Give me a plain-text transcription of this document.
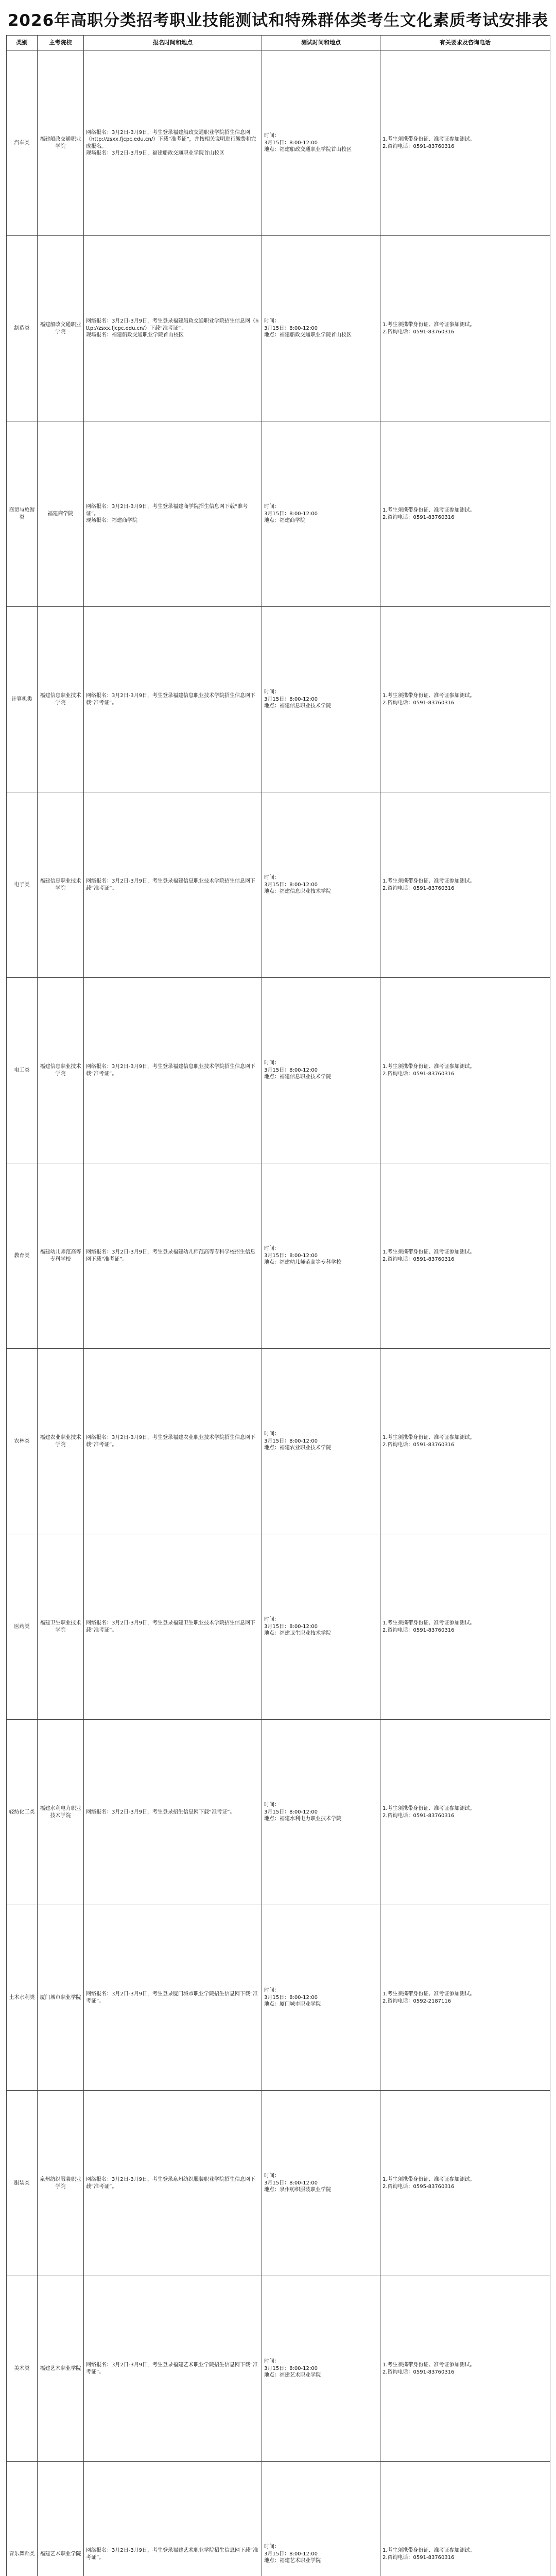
2026年高职分类招考职业技能测试和特殊群体类考生文化素质考试安排表
类别	主考院校	报名时间和地点	测试时间和地点	有关要求及咨询电话
汽车类	福建船政交通职业学院	网络报名：3月2日-3月9日，考生登录福建船政交通职业学院招生信息网
（http://zsxx.fjcpc.edu.cn/）下载“准考证”，并按相关说明进行缴费和完成报名。
现场报名：3月2日-3月9日，福建船政交通职业学院首山校区	时间：
3月15日：8:00-12:00
地点：福建船政交通职业学院首山校区	1.考生须携带身份证、准考证参加测试。
2.咨询电话：0591-83760316

制造类	福建船政交通职业学院	网络报名：3月2日-3月9日，考生登录福建船政交通职业学院招生信息网（http://zsxx.fjcpc.edu.cn/）下载“准考证”。
现场报名：福建船政交通职业学院首山校区	时间：
3月15日：8:00-12:00
地点：福建船政交通职业学院首山校区	1.考生须携带身份证、准考证参加测试。
2.咨询电话：0591-83760316

商贸与旅游类	福建商学院	网络报名：3月2日-3月9日，考生登录福建商学院招生信息网下载“准考证”。
现场报名：福建商学院	时间：
3月15日：8:00-12:00
地点：福建商学院	1.考生须携带身份证、准考证参加测试。
2.咨询电话：0591-83760316

计算机类	福建信息职业技术学院	网络报名：3月2日-3月9日，考生登录福建信息职业技术学院招生信息网下载“准考证”。	时间：
3月15日：8:00-12:00
地点：福建信息职业技术学院	1.考生须携带身份证、准考证参加测试。
2.咨询电话：0591-83760316

电子类	福建信息职业技术学院	网络报名：3月2日-3月9日，考生登录福建信息职业技术学院招生信息网下载“准考证”。	时间：
3月15日：8:00-12:00
地点：福建信息职业技术学院	1.考生须携带身份证、准考证参加测试。
2.咨询电话：0591-83760316

电工类	福建信息职业技术学院	网络报名：3月2日-3月9日，考生登录福建信息职业技术学院招生信息网下载“准考证”。	时间：
3月15日：8:00-12:00
地点：福建信息职业技术学院	1.考生须携带身份证、准考证参加测试。
2.咨询电话：0591-83760316

教育类	福建幼儿师范高等专科学校	网络报名：3月2日-3月9日，考生登录福建幼儿师范高等专科学校招生信息网下载“准考证”。	时间：
3月15日：8:00-12:00
地点：福建幼儿师范高等专科学校	1.考生须携带身份证、准考证参加测试。
2.咨询电话：0591-83760316

农林类	福建农业职业技术学院	网络报名：3月2日-3月9日，考生登录福建农业职业技术学院招生信息网下载“准考证”。	时间：
3月15日：8:00-12:00
地点：福建农业职业技术学院	1.考生须携带身份证、准考证参加测试。
2.咨询电话：0591-83760316

医药类	福建卫生职业技术学院	网络报名：3月2日-3月9日，考生登录福建卫生职业技术学院招生信息网下载“准考证”。	时间：
3月15日：8:00-12:00
地点：福建卫生职业技术学院	1.考生须携带身份证、准考证参加测试。
2.咨询电话：0591-83760316

轻纺化工类	福建水利电力职业技术学院	网络报名：3月2日-3月9日，考生登录招生信息网下载“准考证”。	时间：
3月15日：8:00-12:00
地点：福建水利电力职业技术学院	1.考生须携带身份证、准考证参加测试。
2.咨询电话：0591-83760316

土木水利类	厦门城市职业学院	网络报名：3月2日-3月9日，考生登录厦门城市职业学院招生信息网下载“准考证”。	时间：
3月15日：8:00-12:00
地点：厦门城市职业学院	1.考生须携带身份证、准考证参加测试。
2.咨询电话：0592-2187116

服装类	泉州纺织服装职业学院	网络报名：3月2日-3月9日，考生登录泉州纺织服装职业学院招生信息网下载“准考证”。	时间：
3月15日：8:00-12:00
地点：泉州纺织服装职业学院	1.考生须携带身份证、准考证参加测试。
2.咨询电话：0595-83760316

美术类	福建艺术职业学院	网络报名：3月2日-3月9日，考生登录福建艺术职业学院招生信息网下载“准考证”。	时间：
3月15日：8:00-12:00
地点：福建艺术职业学院	1.考生须携带身份证、准考证参加测试。
2.咨询电话：0591-83760316

音乐舞蹈类	福建艺术职业学院	网络报名：3月2日-3月9日，考生登录福建艺术职业学院招生信息网下载“准考证”。	时间：
3月15日：8:00-12:00
地点：福建艺术职业学院	1.考生须携带身份证、准考证参加测试。
2.咨询电话：0591-83760316
